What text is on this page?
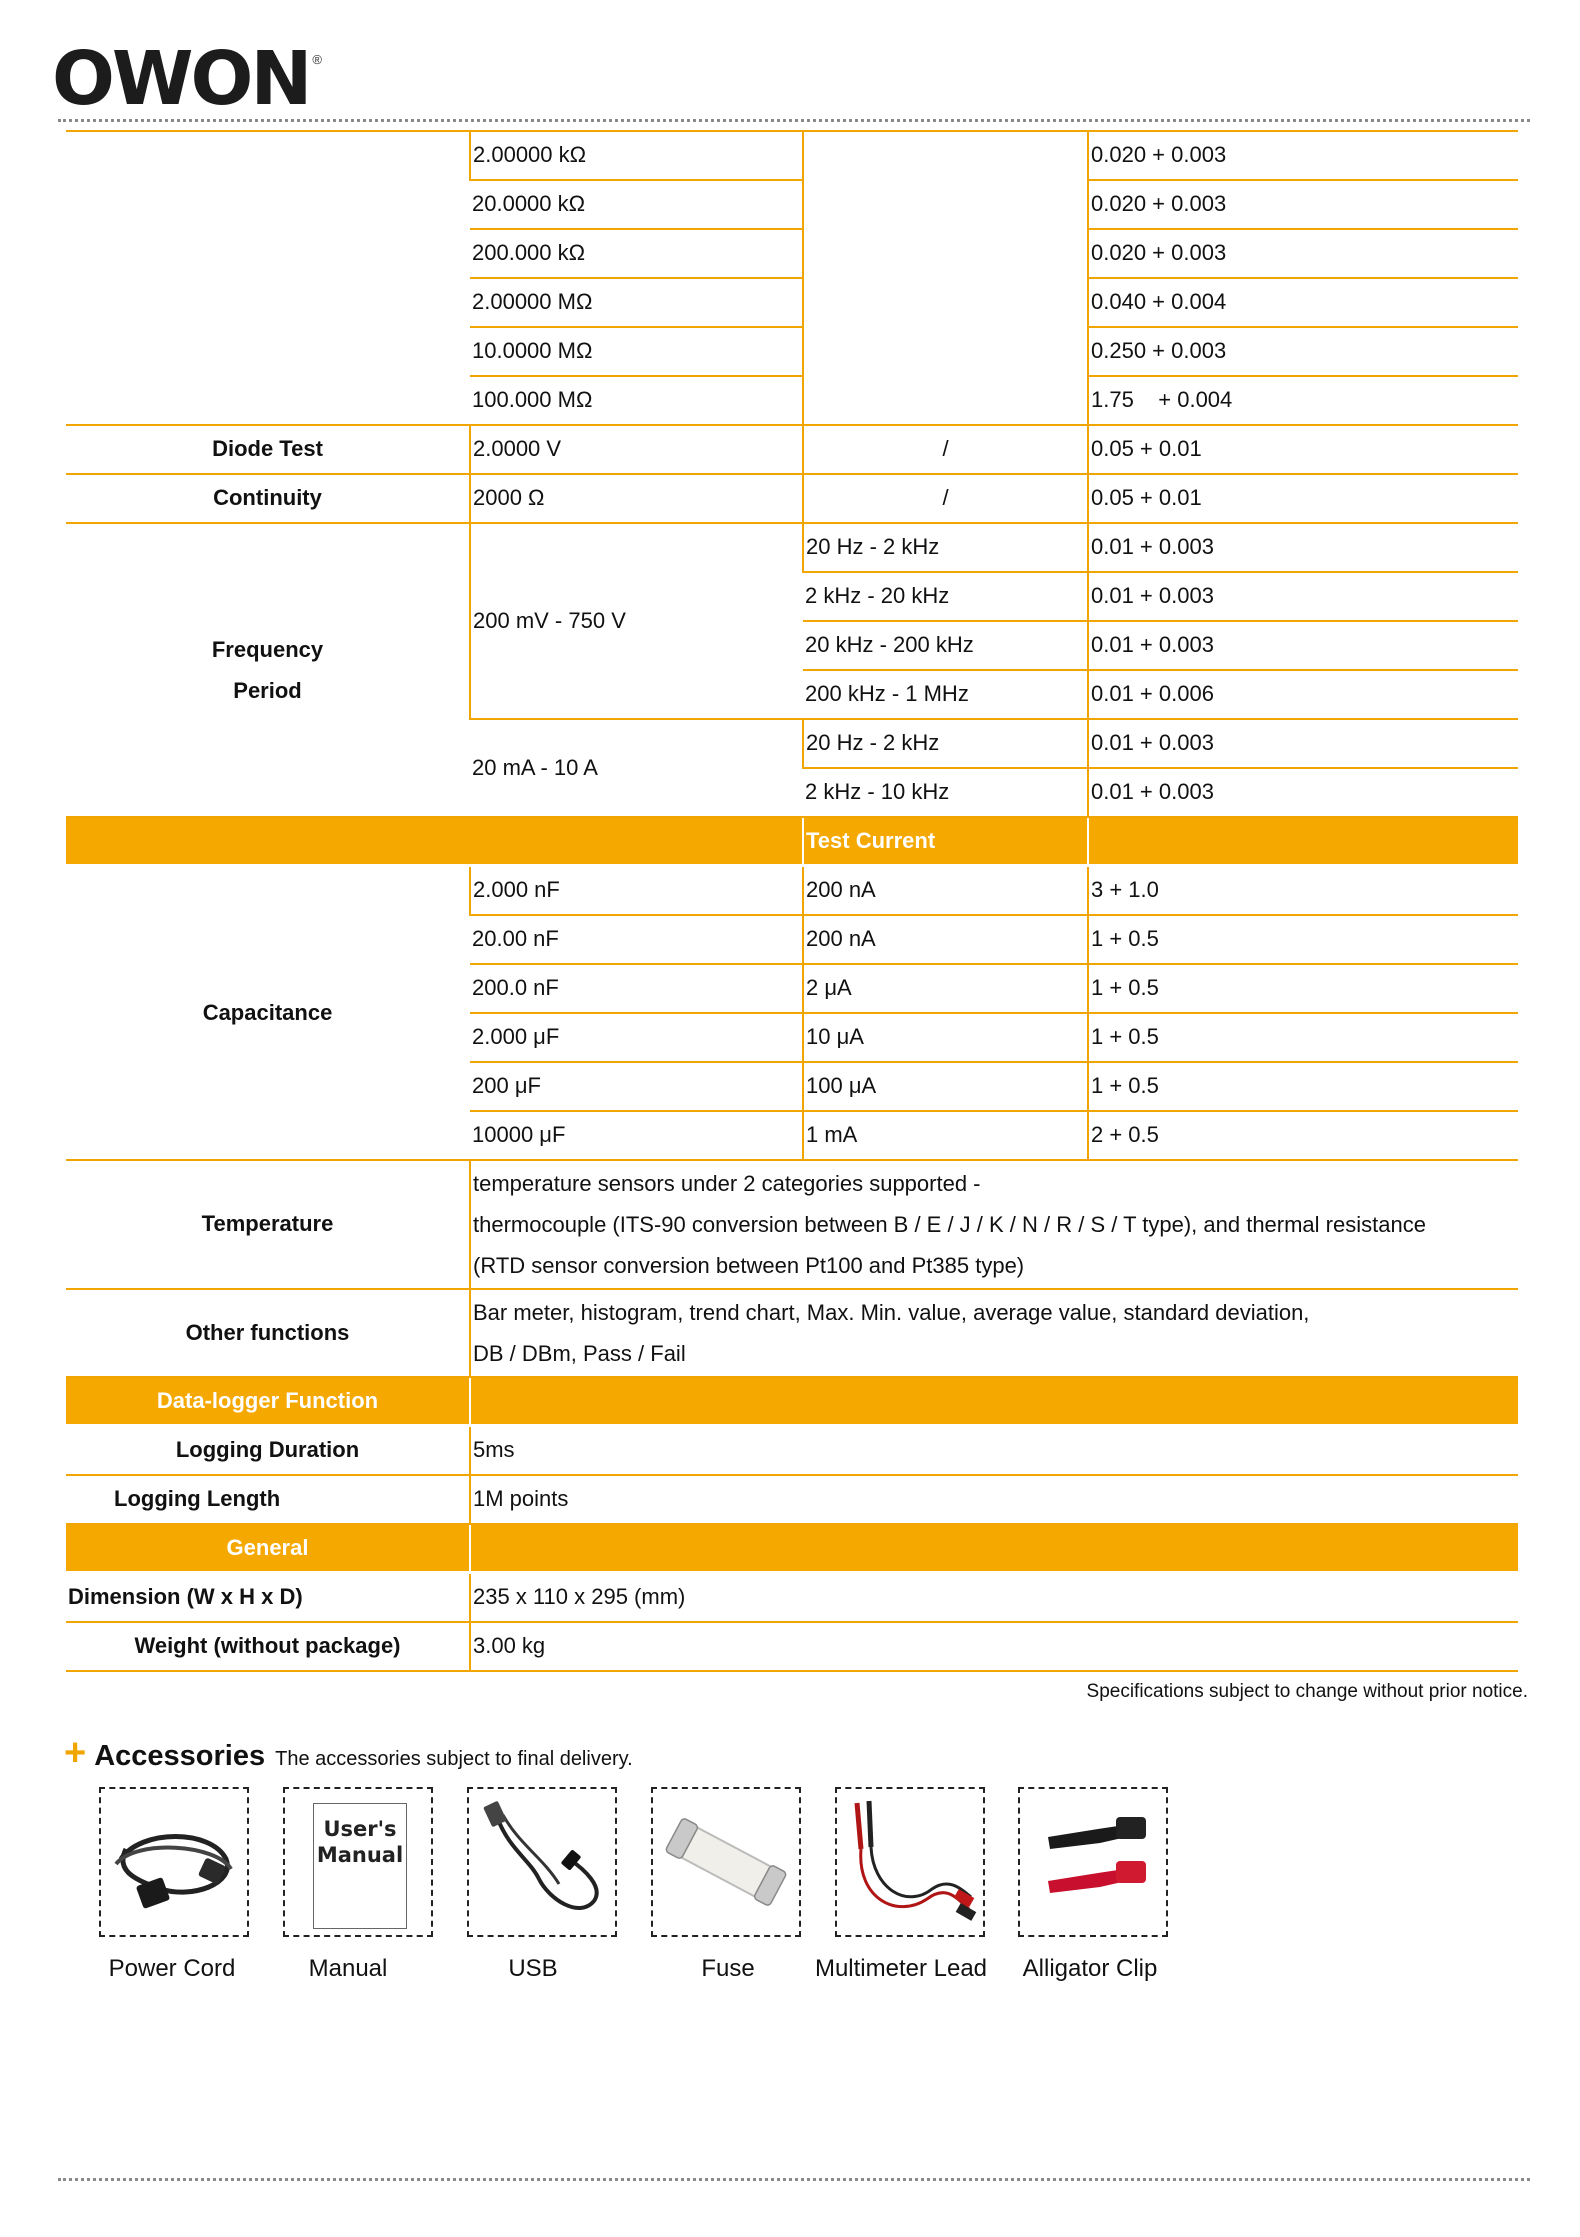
OWON ®
	2.00000 kΩ		0.020 + 0.003
	20.0000 kΩ		0.020 + 0.003
	200.000 kΩ		0.020 + 0.003
	2.00000 MΩ		0.040 + 0.004
	10.0000 MΩ		0.250 + 0.003
	100.000 MΩ		1.75    + 0.004
Diode Test	2.0000 V	/	0.05 + 0.01
Continuity	2000 Ω	/	0.05 + 0.01

Frequency
Period	200 mV - 750 V	20 Hz - 2 kHz	0.01 + 0.003
		2 kHz - 20 kHz	0.01 + 0.003
		20 kHz - 200 kHz	0.01 + 0.003
		200 kHz - 1 MHz	0.01 + 0.006
	20 mA - 10 A	20 Hz - 2 kHz	0.01 + 0.003
		2 kHz - 10 kHz	0.01 + 0.003
		Test Current	
Capacitance	2.000 nF	200 nA	3 + 1.0
	20.00 nF	200 nA	1 + 0.5
	200.0 nF	2 μA	1 + 0.5
	2.000 μF	10 μA	1 + 0.5
	200 μF	100 μA	1 + 0.5
	10000 μF	1 mA	2 + 0.5
Temperature	temperature sensors under 2 categories supported -
thermocouple (ITS-90 conversion between B / E / J / K / N / R / S / T type), and thermal resistance
(RTD sensor conversion between Pt100 and Pt385 type)		

Other functions	Bar meter, histogram, trend chart, Max. Min. value, average value, standard deviation,
DB / DBm, Pass / Fail		

Data-logger Function			
Logging Duration	5ms		
Logging Length	1M points		
General			
Dimension (W x H x D)	235 x 110 x 295 (mm)		
Weight (without package)	3.00 kg		
Specifications subject to change without prior notice.
+ Accessories The accessories subject to final delivery.
User's
Manual
Power Cord	Manual	USB	Fuse	Multimeter Lead	Alligator Clip
